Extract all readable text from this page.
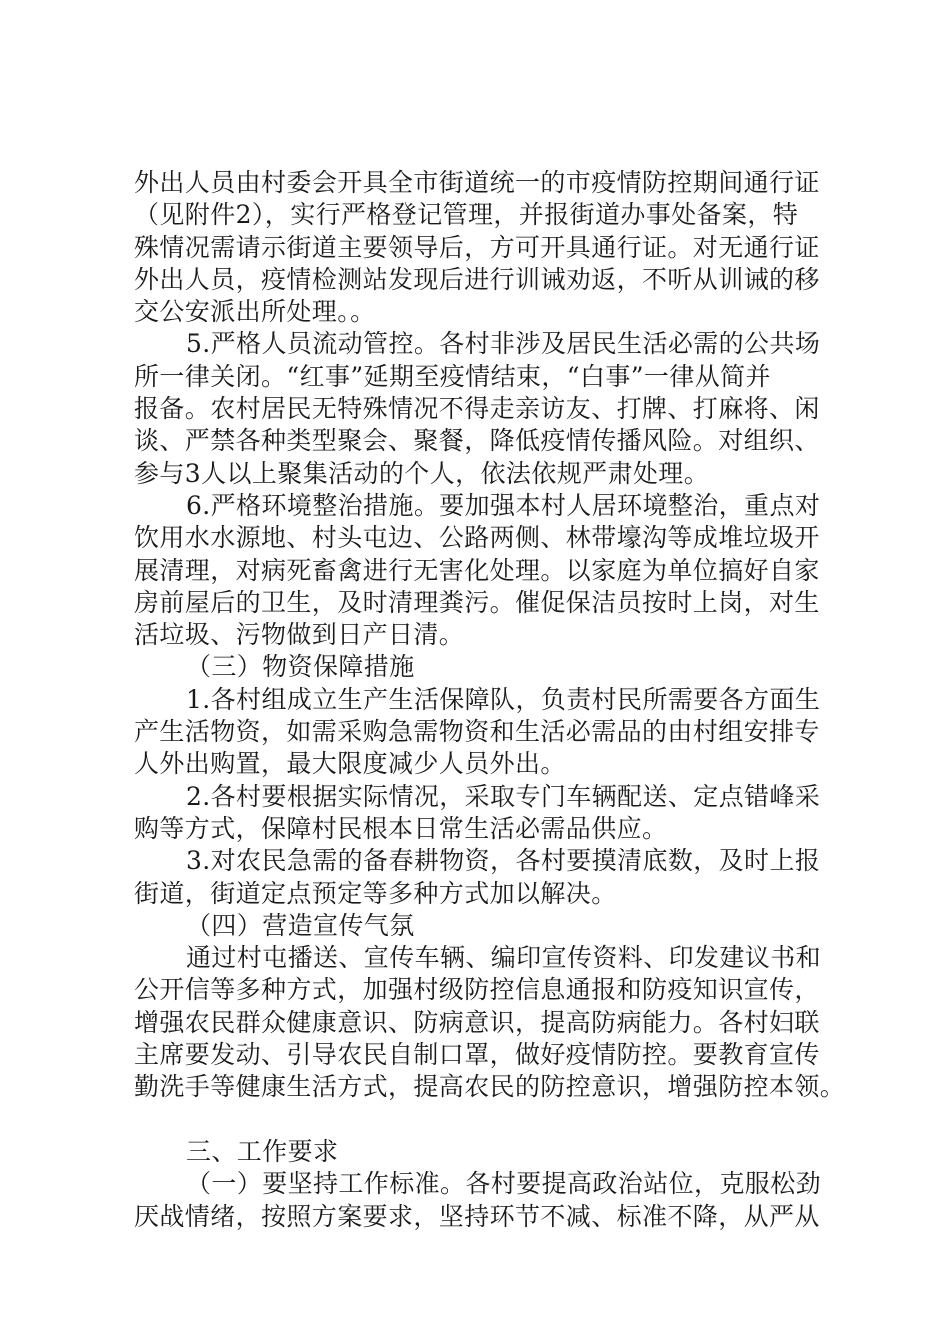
外出人员由村委会开具全市街道统一的市疫情防控期间通行证
（见附件2），实行严格登记管理，并报街道办事处备案，特
殊情况需请示街道主要领导后，方可开具通行证。对无通行证
外出人员，疫情检测站发现后进行训诫劝返，不听从训诫的移
交公安派出所处理。。
5.严格人员流动管控。各村非涉及居民生活必需的公共场
所一律关闭。“红事”延期至疫情结束，“白事”一律从简并
报备。农村居民无特殊情况不得走亲访友、打牌、打麻将、闲
谈、严禁各种类型聚会、聚餐，降低疫情传播风险。对组织、
参与3人以上聚集活动的个人，依法依规严肃处理。
6.严格环境整治措施。要加强本村人居环境整治，重点对
饮用水水源地、村头屯边、公路两侧、林带壕沟等成堆垃圾开
展清理，对病死畜禽进行无害化处理。以家庭为单位搞好自家
房前屋后的卫生，及时清理粪污。催促保洁员按时上岗，对生
活垃圾、污物做到日产日清。
（三）物资保障措施
1.各村组成立生产生活保障队，负责村民所需要各方面生
产生活物资，如需采购急需物资和生活必需品的由村组安排专
人外出购置，最大限度减少人员外出。
2.各村要根据实际情况，采取专门车辆配送、定点错峰采
购等方式，保障村民根本日常生活必需品供应。
3.对农民急需的备春耕物资，各村要摸清底数，及时上报
街道，街道定点预定等多种方式加以解决。
（四）营造宣传气氛
通过村屯播送、宣传车辆、编印宣传资料、印发建议书和
公开信等多种方式，加强村级防控信息通报和防疫知识宣传，
增强农民群众健康意识、防病意识，提高防病能力。各村妇联
主席要发动、引导农民自制口罩，做好疫情防控。要教育宣传
勤洗手等健康生活方式，提高农民的防控意识，增强防控本领。
三、工作要求
（一）要坚持工作标准。各村要提高政治站位，克服松劲
厌战情绪，按照方案要求，坚持环节不减、标准不降，从严从
